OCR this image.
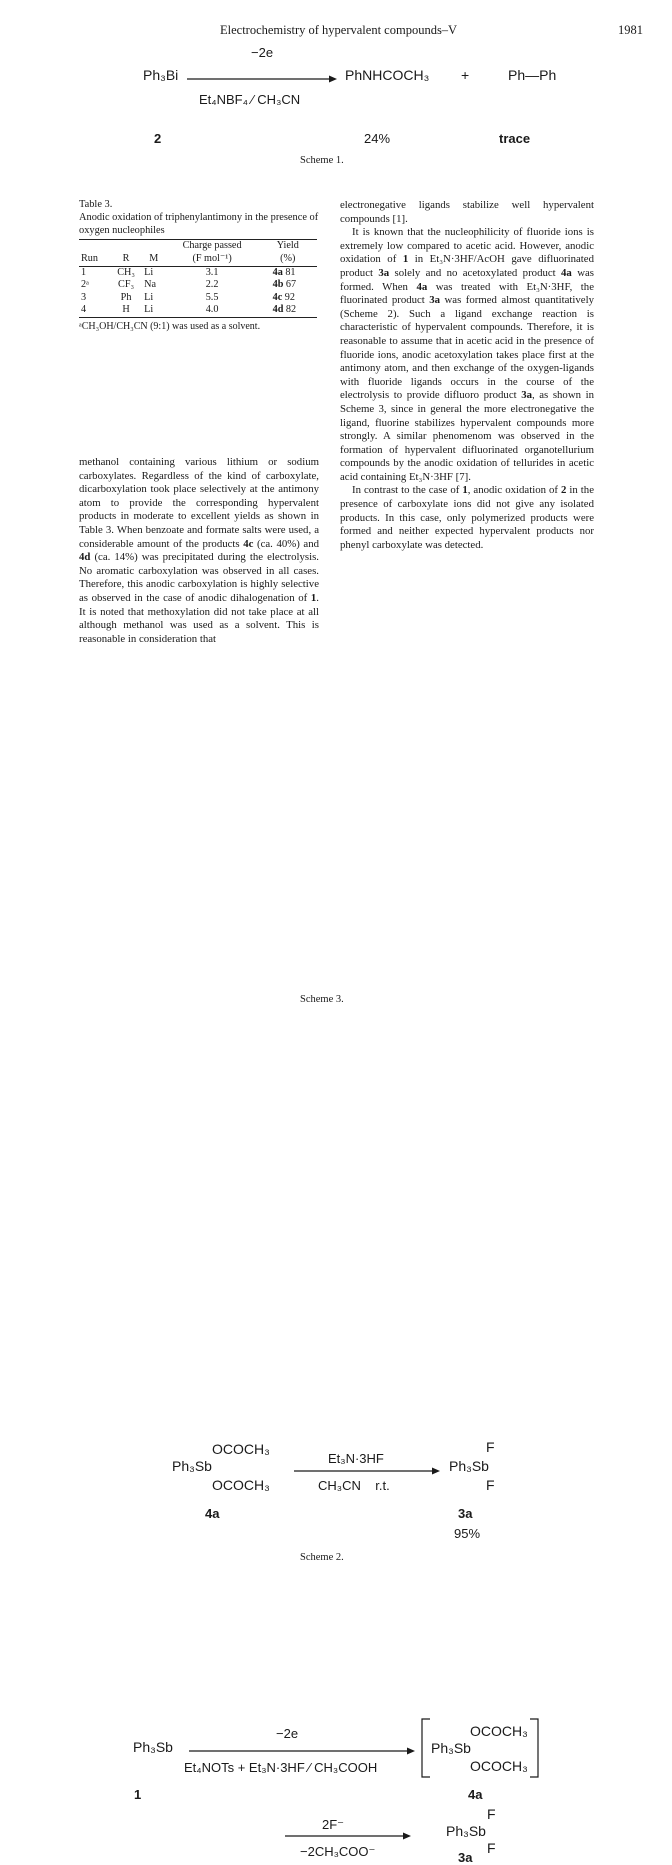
Electrochemistry of hypervalent compounds–V	1981
−2e
Ph₃Bi
Et₄NBF₄ ⁄ CH₃CN
PhNHCOCH₃ +	Ph—Ph
2	24%	trace
Scheme 1.
Table 3.
Anodic oxidation of triphenylantimony in the presence of oxygen nucleophiles
			Charge passed	Yield
Run	R	M	(F mol⁻¹)	(%)
1	CH₃	Li	3.1	4a 81
2ᵃ	CF₃	Na	2.2	4b 67
3	Ph	Li	5.5	4c 92
4	H	Li	4.0	4d 82
ᵃCH₃OH/CH₃CN (9:1) was used as a solvent.

methanol containing various lithium or sodium carboxylates. Regardless of the kind of carboxylate, dicarboxylation took place selectively at the antimony atom to provide the corresponding hypervalent products in moderate to excellent yields as shown in Table 3. When benzoate and formate salts were used, a considerable amount of the products 4c (ca. 40%) and 4d (ca. 14%) was precipitated during the electrolysis. No aromatic carboxylation was observed in all cases. Therefore, this anodic carboxylation is highly selective as observed in the case of anodic dihalogenation of 1. It is noted that methoxylation did not take place at all although methanol was used as a solvent. This is reasonable in consideration that

electronegative ligands stabilize well hypervalent compounds [1].

It is known that the nucleophilicity of fluoride ions is extremely low compared to acetic acid. However, anodic oxidation of 1 in Et₃N·3HF/AcOH gave difluorinated product 3a solely and no acetoxylated product 4a was formed. When 4a was treated with Et₃N·3HF, the fluorinated product 3a was formed almost quantitatively (Scheme 2). Such a ligand exchange reaction is characteristic of hypervalent compounds. Therefore, it is reasonable to assume that in acetic acid in the presence of fluoride ions, anodic acetoxylation takes place first at the antimony atom, and then exchange of the oxygen-ligands with fluoride ligands occurs in the course of the electrolysis to provide difluoro product 3a, as shown in Scheme 3, since in general the more electronegative the ligand, fluorine stabilizes hypervalent compounds more strongly. A similar phenomenom was observed in the formation of hypervalent difluorinated organotellurium compounds by the anodic oxidation of tellurides in acetic acid containing Et₃N·3HF [7].

In contrast to the case of 1, anodic oxidation of 2 in the presence of carboxylate ions did not give any isolated products. In this case, only polymerized products were formed and neither expected hypervalent products nor phenyl carboxylate was detected.

OCOCH₃
Ph₃Sb
OCOCH₃
Et₃N·3HF
CH₃CN    r.t.
F
Ph₃Sb
F
4a	3a
95%
Scheme 2.
Ph₃Sb
−2e
Et₄NOTs + Et₃N·3HF ⁄ CH₃COOH
OCOCH₃
Ph₃Sb
OCOCH₃
1	4a
2F⁻
−2CH₃COO⁻
F
Ph₃Sb
F
3a
Scheme 3.
